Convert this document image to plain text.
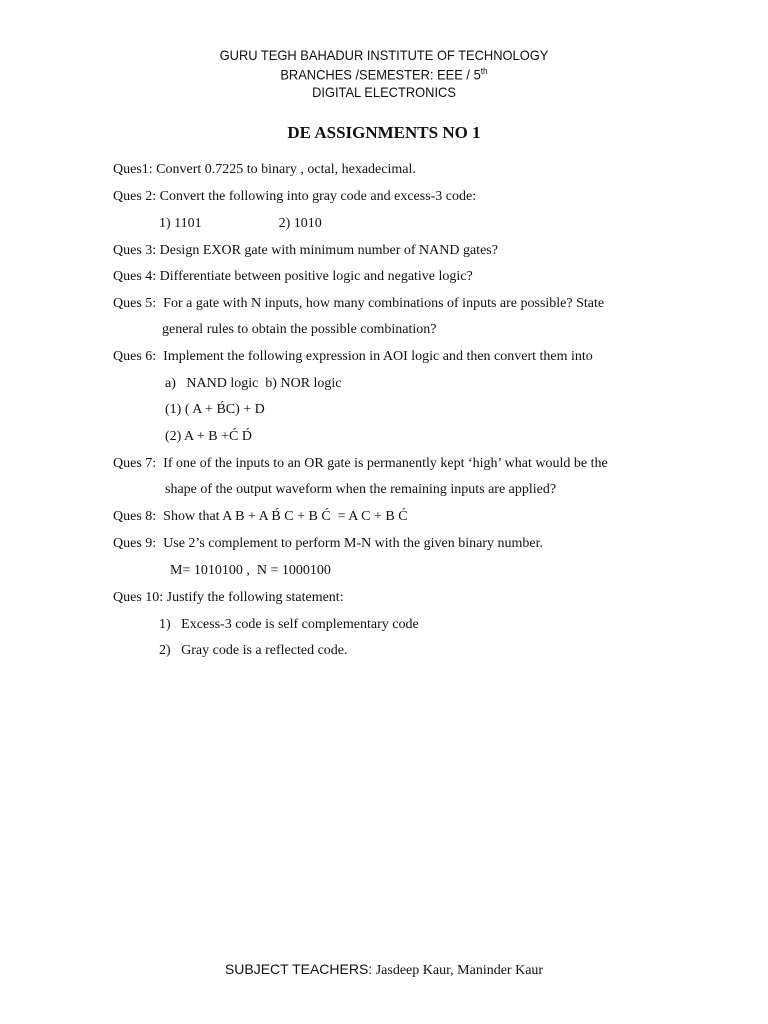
GURU TEGH BAHADUR INSTITUTE OF TECHNOLOGY
BRANCHES /SEMESTER: EEE / 5th
DIGITAL ELECTRONICS
DE ASSIGNMENTS NO 1
Ques1: Convert 0.7225 to binary , octal, hexadecimal.
Ques 2: Convert the following into gray code and excess-3 code:
1) 1101                      2) 1010
Ques 3: Design EXOR gate with minimum number of NAND gates?
Ques 4: Differentiate between positive logic and negative logic?
Ques 5:  For a gate with N inputs, how many combinations of inputs are possible? State
general rules to obtain the possible combination?
Ques 6:  Implement the following expression in AOI logic and then convert them into
a)   NAND logic  b) NOR logic
(1) ( A + B́C) + D
(2) A + B +Ć D́
Ques 7:  If one of the inputs to an OR gate is permanently kept ‘high’ what would be the
shape of the output waveform when the remaining inputs are applied?
Ques 8:  Show that A B + A B́ C + B Ć  = A C + B Ć
Ques 9:  Use 2’s complement to perform M-N with the given binary number.
M= 1010100 ,  N = 1000100
Ques 10: Justify the following statement:
1)   Excess-3 code is self complementary code
2)   Gray code is a reflected code.
SUBJECT TEACHERS: Jasdeep Kaur, Maninder Kaur
